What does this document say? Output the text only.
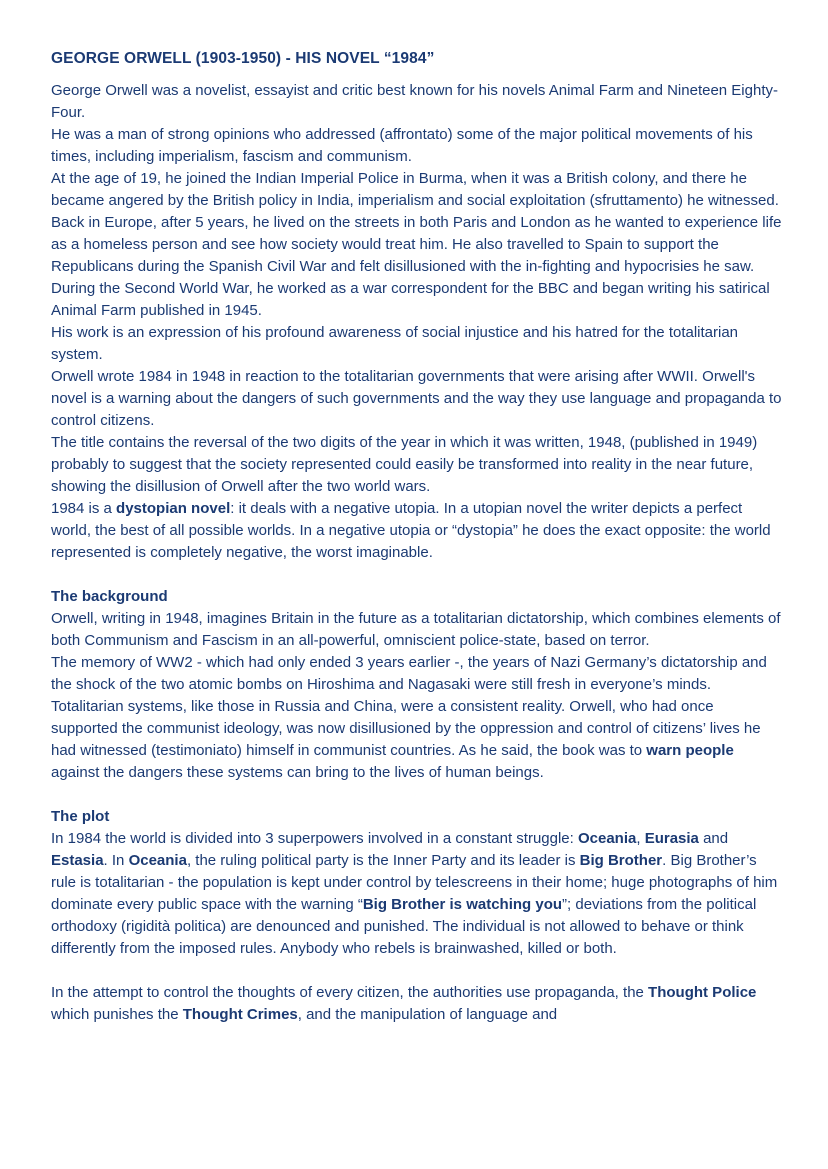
GEORGE ORWELL (1903-1950) - HIS NOVEL “1984”

George Orwell was a novelist, essayist and critic best known for his novels Animal Farm and Nineteen Eighty-Four.

He was a man of strong opinions who addressed (affrontato) some of the major political movements of his times, including imperialism, fascism and communism.

At the age of 19, he joined the Indian Imperial Police in Burma, when it was a British colony, and there he became angered by the British policy in India, imperialism and social exploitation (sfruttamento) he witnessed. Back in Europe, after 5 years, he lived on the streets in both Paris and London as he wanted to experience life as a homeless person and see how society would treat him. He also travelled to Spain to support the Republicans during the Spanish Civil War and felt disillusioned with the in-fighting and hypocrisies he saw.

During the Second World War, he worked as a war correspondent for the BBC and began writing his satirical Animal Farm published in 1945.

His work is an expression of his profound awareness of social injustice and his hatred for the totalitarian system.

Orwell wrote 1984 in 1948 in reaction to the totalitarian governments that were arising after WWII. Orwell's novel is a warning about the dangers of such governments and the way they use language and propaganda to control citizens.

The title contains the reversal of the two digits of the year in which it was written, 1948, (published in 1949) probably to suggest that the society represented could easily be transformed into reality in the near future, showing the disillusion of Orwell after the two world wars.

1984 is a dystopian novel: it deals with a negative utopia. In a utopian novel the writer depicts a perfect world, the best of all possible worlds. In a negative utopia or “dystopia” he does the exact opposite: the world represented is completely negative, the worst imaginable.

The background

Orwell, writing in 1948, imagines Britain in the future as a totalitarian dictatorship, which combines elements of both Communism and Fascism in an all-powerful, omniscient police-state, based on terror.

The memory of WW2 - which had only ended 3 years earlier -, the years of Nazi Germany’s dictatorship and the shock of the two atomic bombs on Hiroshima and Nagasaki were still fresh in everyone’s minds. Totalitarian systems, like those in Russia and China, were a consistent reality. Orwell, who had once supported the communist ideology, was now disillusioned by the oppression and control of citizens’ lives he had witnessed (testimoniato) himself in communist countries. As he said, the book was to warn people against the dangers these systems can bring to the lives of human beings.

The plot

In 1984 the world is divided into 3 superpowers involved in a constant struggle: Oceania, Eurasia and Estasia. In Oceania, the ruling political party is the Inner Party and its leader is Big Brother. Big Brother’s rule is totalitarian - the population is kept under control by telescreens in their home; huge photographs of him dominate every public space with the warning “Big Brother is watching you”; deviations from the political orthodoxy (rigidità politica) are denounced and punished. The individual is not allowed to behave or think differently from the imposed rules. Anybody who rebels is brainwashed, killed or both.

In the attempt to control the thoughts of every citizen, the authorities use propaganda, the Thought Police which punishes the Thought Crimes, and the manipulation of language and
